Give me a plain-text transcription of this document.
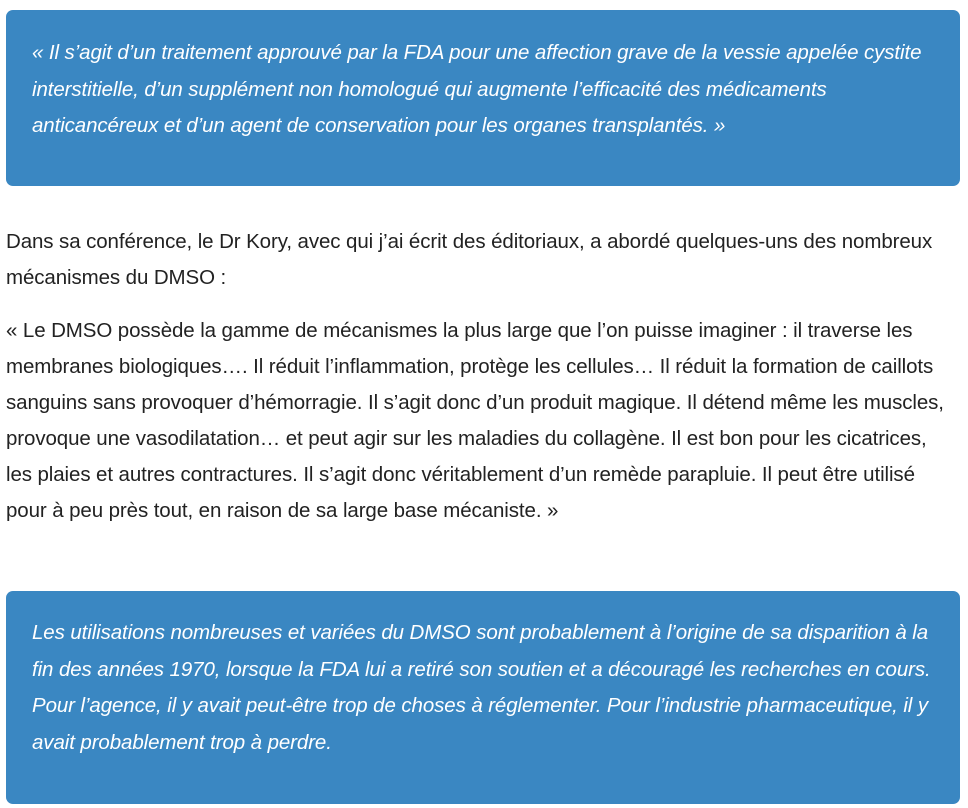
« Il s’agit d’un traitement approuvé par la FDA pour une affection grave de la vessie appelée cystite interstitielle, d’un supplément non homologué qui augmente l’efficacité des médicaments anticancéreux et d’un agent de conservation pour les organes transplantés. »

Dans sa conférence, le Dr Kory, avec qui j’ai écrit des éditoriaux, a abordé quelques-uns des nombreux mécanismes du DMSO :

« Le DMSO possède la gamme de mécanismes la plus large que l’on puisse imaginer : il traverse les membranes biologiques…. Il réduit l’inflammation, protège les cellules… Il réduit la formation de caillots sanguins sans provoquer d’hémorragie. Il s’agit donc d’un produit magique. Il détend même les muscles, provoque une vasodilatation… et peut agir sur les maladies du collagène. Il est bon pour les cicatrices, les plaies et autres contractures. Il s’agit donc véritablement d’un remède parapluie. Il peut être utilisé pour à peu près tout, en raison de sa large base mécaniste. »

Les utilisations nombreuses et variées du DMSO sont probablement à l’origine de sa disparition à la fin des années 1970, lorsque la FDA lui a retiré son soutien et a découragé les recherches en cours. Pour l’agence, il y avait peut-être trop de choses à réglementer. Pour l’industrie pharmaceutique, il y avait probablement trop à perdre.
